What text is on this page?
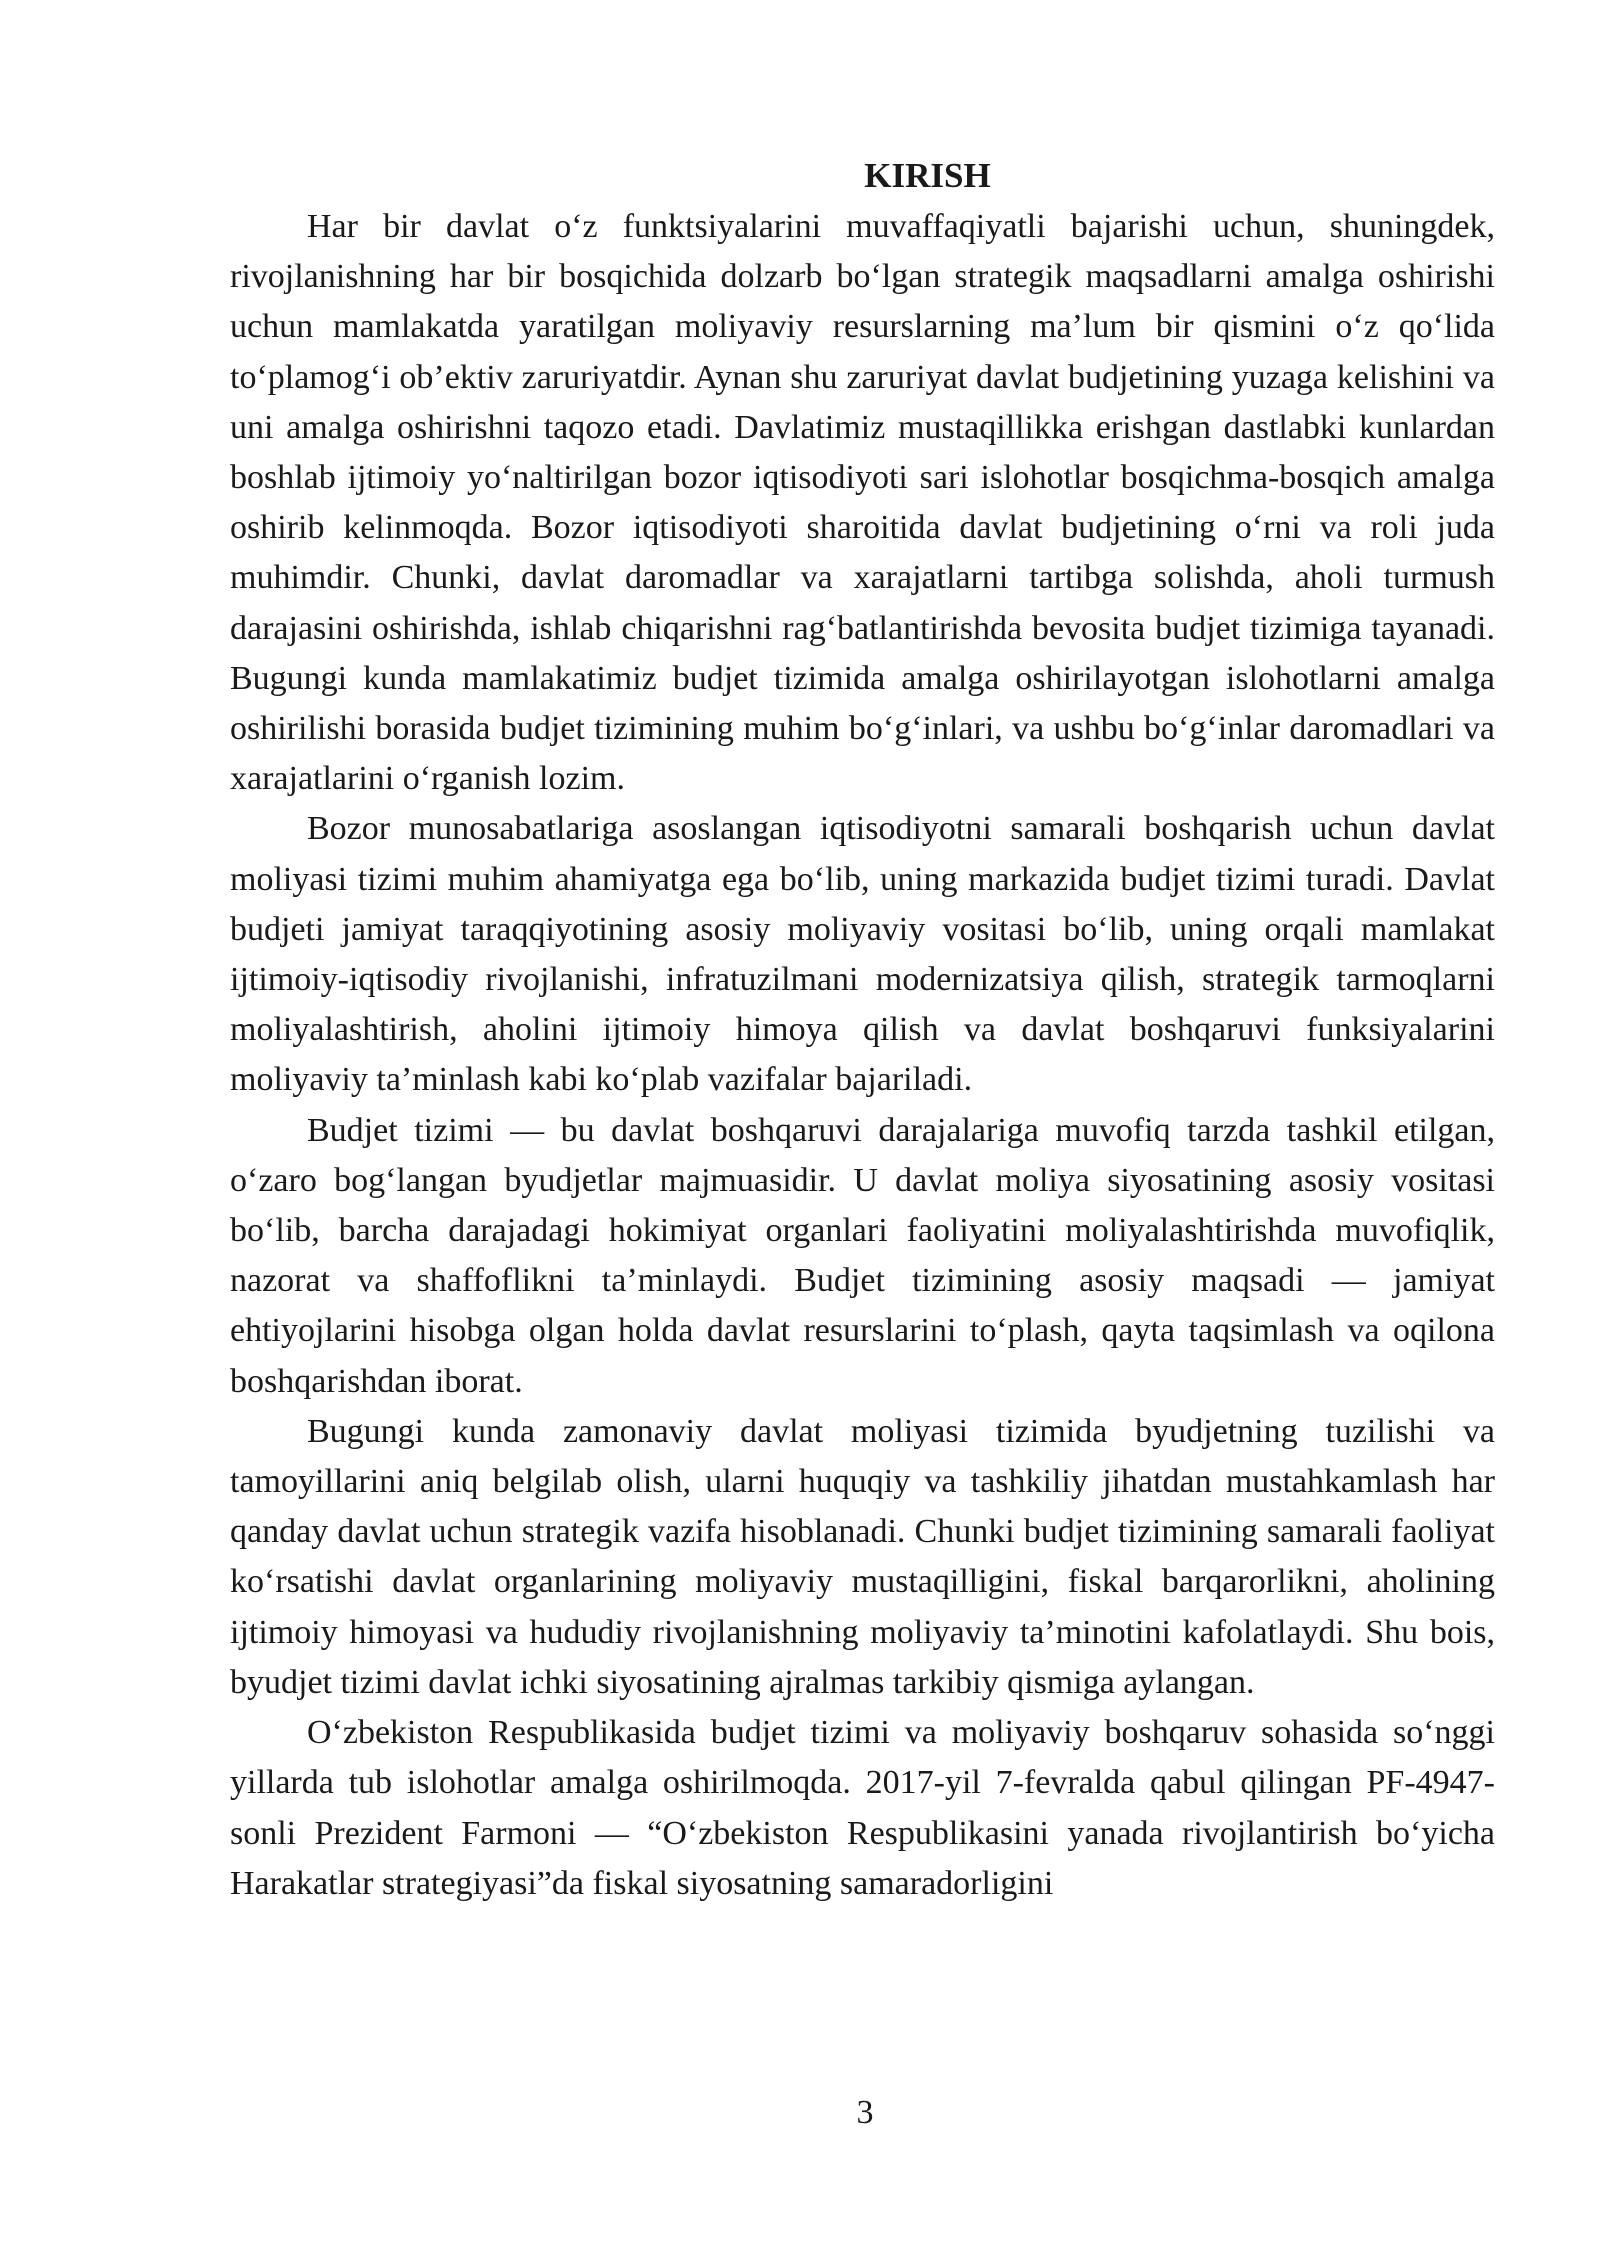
KIRISH

Har bir davlat o‘z funktsiyalarini muvaffaqiyatli bajarishi uchun, shuningdek, rivojlanishning har bir bosqichida dolzarb bo‘lgan strategik maqsadlarni amalga oshirishi uchun mamlakatda yaratilgan moliyaviy resurslarning ma’lum bir qismini o‘z qo‘lida to‘plamog‘i ob’ektiv zaruriyatdir. Aynan shu zaruriyat davlat budjetining yuzaga kelishini va uni amalga oshirishni taqozo etadi. Davlatimiz mustaqillikka erishgan dastlabki kunlardan boshlab ijtimoiy yo‘naltirilgan bozor iqtisodiyoti sari islohotlar bosqichma-bosqich amalga oshirib kelinmoqda. Bozor iqtisodiyoti sharoitida davlat budjetining o‘rni va roli juda muhimdir. Chunki, davlat daromadlar va xarajatlarni tartibga solishda, aholi turmush darajasini oshirishda, ishlab chiqarishni rag‘batlantirishda bevosita budjet tizimiga tayanadi. Bugungi kunda mamlakatimiz budjet tizimida amalga oshirilayotgan islohotlarni amalga oshirilishi borasida budjet tizimining muhim bo‘g‘inlari, va ushbu bo‘g‘inlar daromadlari va xarajatlarini o‘rganish lozim.

Bozor munosabatlariga asoslangan iqtisodiyotni samarali boshqarish uchun davlat moliyasi tizimi muhim ahamiyatga ega bo‘lib, uning markazida budjet tizimi turadi. Davlat budjeti jamiyat taraqqiyotining asosiy moliyaviy vositasi bo‘lib, uning orqali mamlakat ijtimoiy-iqtisodiy rivojlanishi, infratuzilmani modernizatsiya qilish, strategik tarmoqlarni moliyalashtirish, aholini ijtimoiy himoya qilish va davlat boshqaruvi funksiyalarini moliyaviy ta’minlash kabi ko‘plab vazifalar bajariladi.

Budjet tizimi — bu davlat boshqaruvi darajalariga muvofiq tarzda tashkil etilgan, o‘zaro bog‘langan byudjetlar majmuasidir. U davlat moliya siyosatining asosiy vositasi bo‘lib, barcha darajadagi hokimiyat organlari faoliyatini moliyalashtirishda muvofiqlik, nazorat va shaffoflikni ta’minlaydi. Budjet tizimining asosiy maqsadi — jamiyat ehtiyojlarini hisobga olgan holda davlat resurslarini to‘plash, qayta taqsimlash va oqilona boshqarishdan iborat.

Bugungi kunda zamonaviy davlat moliyasi tizimida byudjetning tuzilishi va tamoyillarini aniq belgilab olish, ularni huquqiy va tashkiliy jihatdan mustahkamlash har qanday davlat uchun strategik vazifa hisoblanadi. Chunki budjet tizimining samarali faoliyat ko‘rsatishi davlat organlarining moliyaviy mustaqilligini, fiskal barqarorlikni, aholining ijtimoiy himoyasi va hududiy rivojlanishning moliyaviy ta’minotini kafolatlaydi. Shu bois, byudjet tizimi davlat ichki siyosatining ajralmas tarkibiy qismiga aylangan.

O‘zbekiston Respublikasida budjet tizimi va moliyaviy boshqaruv sohasida so‘nggi yillarda tub islohotlar amalga oshirilmoqda. 2017-yil 7-fevralda qabul qilingan PF-4947-sonli Prezident Farmoni — “O‘zbekiston Respublikasini yanada rivojlantirish bo‘yicha Harakatlar strategiyasi”da fiskal siyosatning samaradorligini

3
